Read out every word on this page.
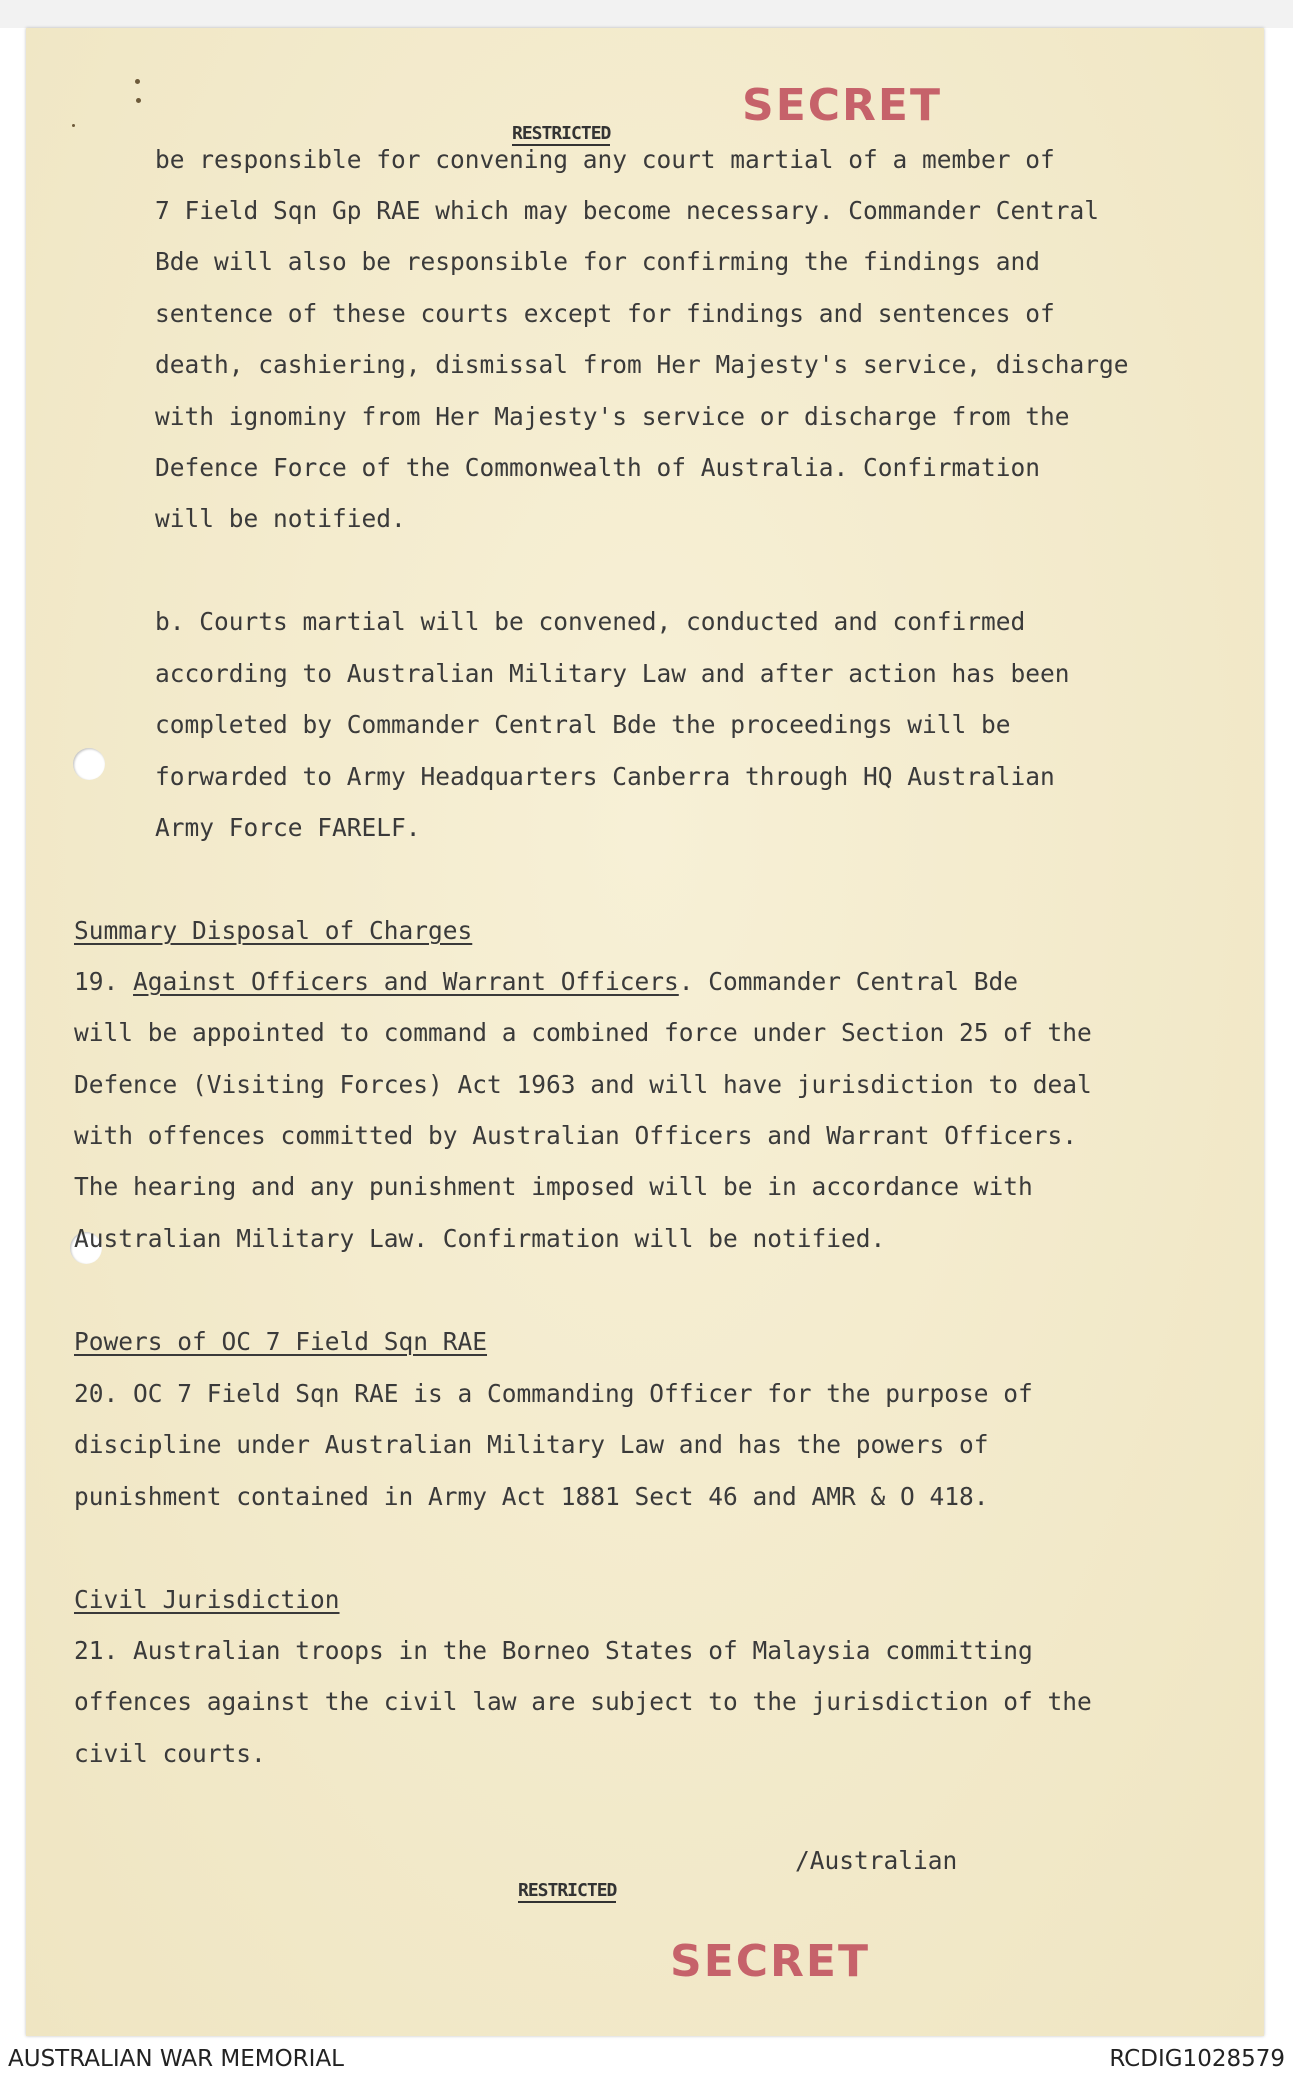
SECRET
RESTRICTED
be responsible for convening any court martial of a member of
7 Field Sqn Gp RAE which may become necessary. Commander Central
Bde will also be responsible for confirming the findings and
sentence of these courts except for findings and sentences of
death, cashiering, dismissal from Her Majesty's service, discharge
with ignominy from Her Majesty's service or discharge from the
Defence Force of the Commonwealth of Australia. Confirmation
will be notified.
b. Courts martial will be convened, conducted and confirmed
according to Australian Military Law and after action has been
completed by Commander Central Bde the proceedings will be
forwarded to Army Headquarters Canberra through HQ Australian
Army Force FARELF.
Summary Disposal of Charges
19. Against Officers and Warrant Officers. Commander Central Bde
will be appointed to command a combined force under Section 25 of the
Defence (Visiting Forces) Act 1963 and will have jurisdiction to deal
with offences committed by Australian Officers and Warrant Officers.
The hearing and any punishment imposed will be in accordance with
Australian Military Law. Confirmation will be notified.
Powers of OC 7 Field Sqn RAE
20. OC 7 Field Sqn RAE is a Commanding Officer for the purpose of
discipline under Australian Military Law and has the powers of
punishment contained in Army Act 1881 Sect 46 and AMR & O 418.
Civil Jurisdiction
21. Australian troops in the Borneo States of Malaysia committing
offences against the civil law are subject to the jurisdiction of the
civil courts.
/Australian
RESTRICTED
SECRET
AUSTRALIAN WAR MEMORIAL	RCDIG1028579
